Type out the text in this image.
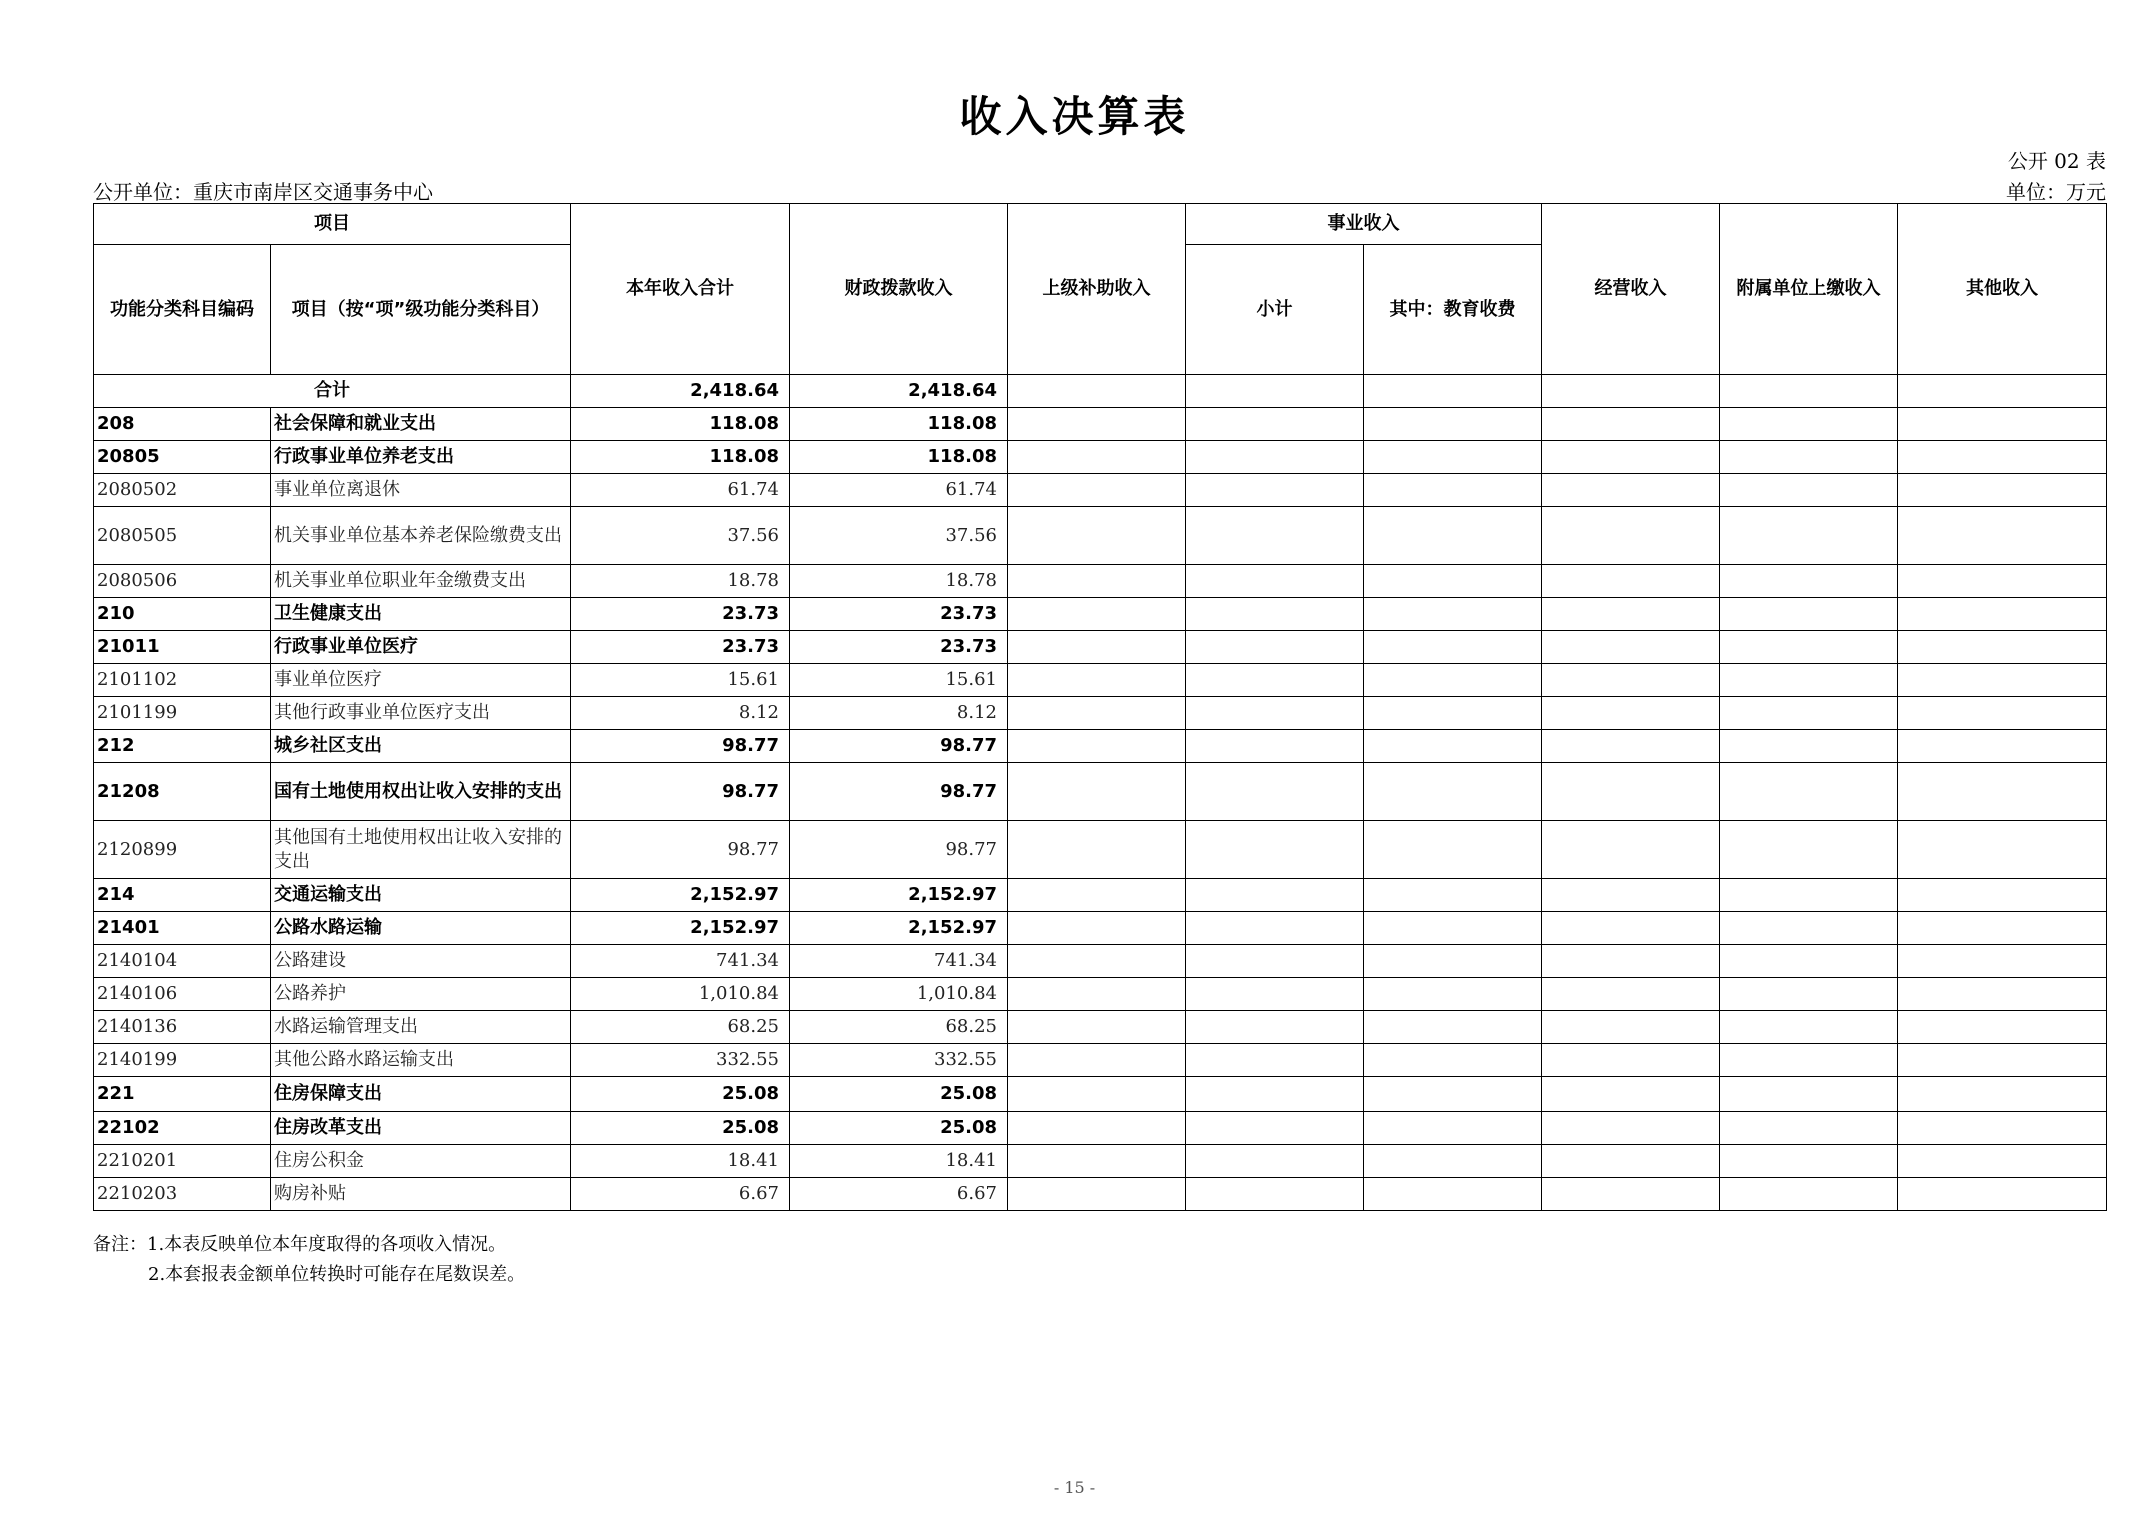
收入决算表
公开 02 表
公开单位：重庆市南岸区交通事务中心	单位：万元
项目		本年收入合计	财政拨款收入	上级补助收入	事业收入		经营收入	附属单位上缴收入	其他收入
功能分类科目编码	项目（按“项”级功能分类科目）				小计	其中：教育收费			
合计		2,418.64	2,418.64						
208	社会保障和就业支出	118.08	118.08						
20805	行政事业单位养老支出	118.08	118.08						
2080502	事业单位离退休	61.74	61.74						
2080505	机关事业单位基本养老保险缴费支出	37.56	37.56						
2080506	机关事业单位职业年金缴费支出	18.78	18.78						
210	卫生健康支出	23.73	23.73						
21011	行政事业单位医疗	23.73	23.73						
2101102	事业单位医疗	15.61	15.61						
2101199	其他行政事业单位医疗支出	8.12	8.12						
212	城乡社区支出	98.77	98.77						
21208	国有土地使用权出让收入安排的支出	98.77	98.77						
2120899	其他国有土地使用权出让收入安排的支出	98.77	98.77						
214	交通运输支出	2,152.97	2,152.97						
21401	公路水路运输	2,152.97	2,152.97						
2140104	公路建设	741.34	741.34						
2140106	公路养护	1,010.84	1,010.84						
2140136	水路运输管理支出	68.25	68.25						
2140199	其他公路水路运输支出	332.55	332.55						
221	住房保障支出	25.08	25.08						
22102	住房改革支出	25.08	25.08						
2210201	住房公积金	18.41	18.41						
2210203	购房补贴	6.67	6.67						
备注：1.本表反映单位本年度取得的各项收入情况。
2.本套报表金额单位转换时可能存在尾数误差。
- 15 -
